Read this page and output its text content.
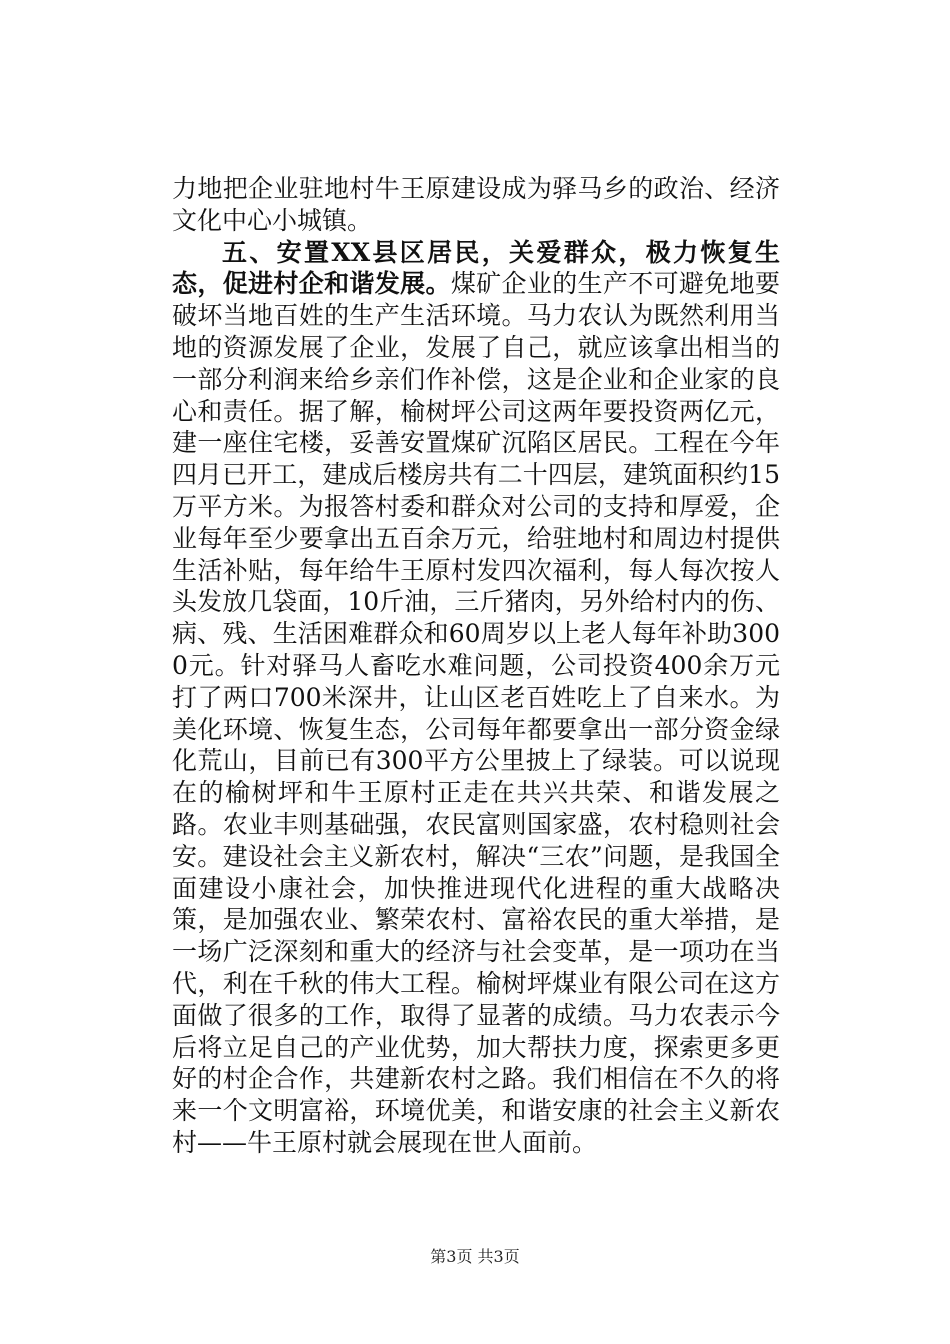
力地把企业驻地村牛王原建设成为驿马乡的政治、经济文化中心小城镇。

五、安置XX县区居民，关爱群众，极力恢复生态，促进村企和谐发展。煤矿企业的生产不可避免地要破坏当地百姓的生产生活环境。马力农认为既然利用当地的资源发展了企业，发展了自己，就应该拿出相当的一部分利润来给乡亲们作补偿，这是企业和企业家的良心和责任。据了解，榆树坪公司这两年要投资两亿元，建一座住宅楼，妥善安置煤矿沉陷区居民。工程在今年四月已开工，建成后楼房共有二十四层，建筑面积约15万平方米。为报答村委和群众对公司的支持和厚爱，企业每年至少要拿出五百余万元，给驻地村和周边村提供生活补贴，每年给牛王原村发四次福利，每人每次按人头发放几袋面，10斤油，三斤猪肉，另外给村内的伤、病、残、生活困难群众和60周岁以上老人每年补助3000元。针对驿马人畜吃水难问题，公司投资400余万元打了两口700米深井，让山区老百姓吃上了自来水。为美化环境、恢复生态，公司每年都要拿出一部分资金绿化荒山，目前已有300平方公里披上了绿装。可以说现在的榆树坪和牛王原村正走在共兴共荣、和谐发展之路。农业丰则基础强，农民富则国家盛，农村稳则社会安。建设社会主义新农村，解决“三农”问题，是我国全面建设小康社会，加快推进现代化进程的重大战略决策，是加强农业、繁荣农村、富裕农民的重大举措，是一场广泛深刻和重大的经济与社会变革，是一项功在当代，利在千秋的伟大工程。榆树坪煤业有限公司在这方面做了很多的工作，取得了显著的成绩。马力农表示今后将立足自己的产业优势，加大帮扶力度，探索更多更好的村企合作，共建新农村之路。我们相信在不久的将来一个文明富裕，环境优美，和谐安康的社会主义新农村——牛王原村就会展现在世人面前。

第3页 共3页
